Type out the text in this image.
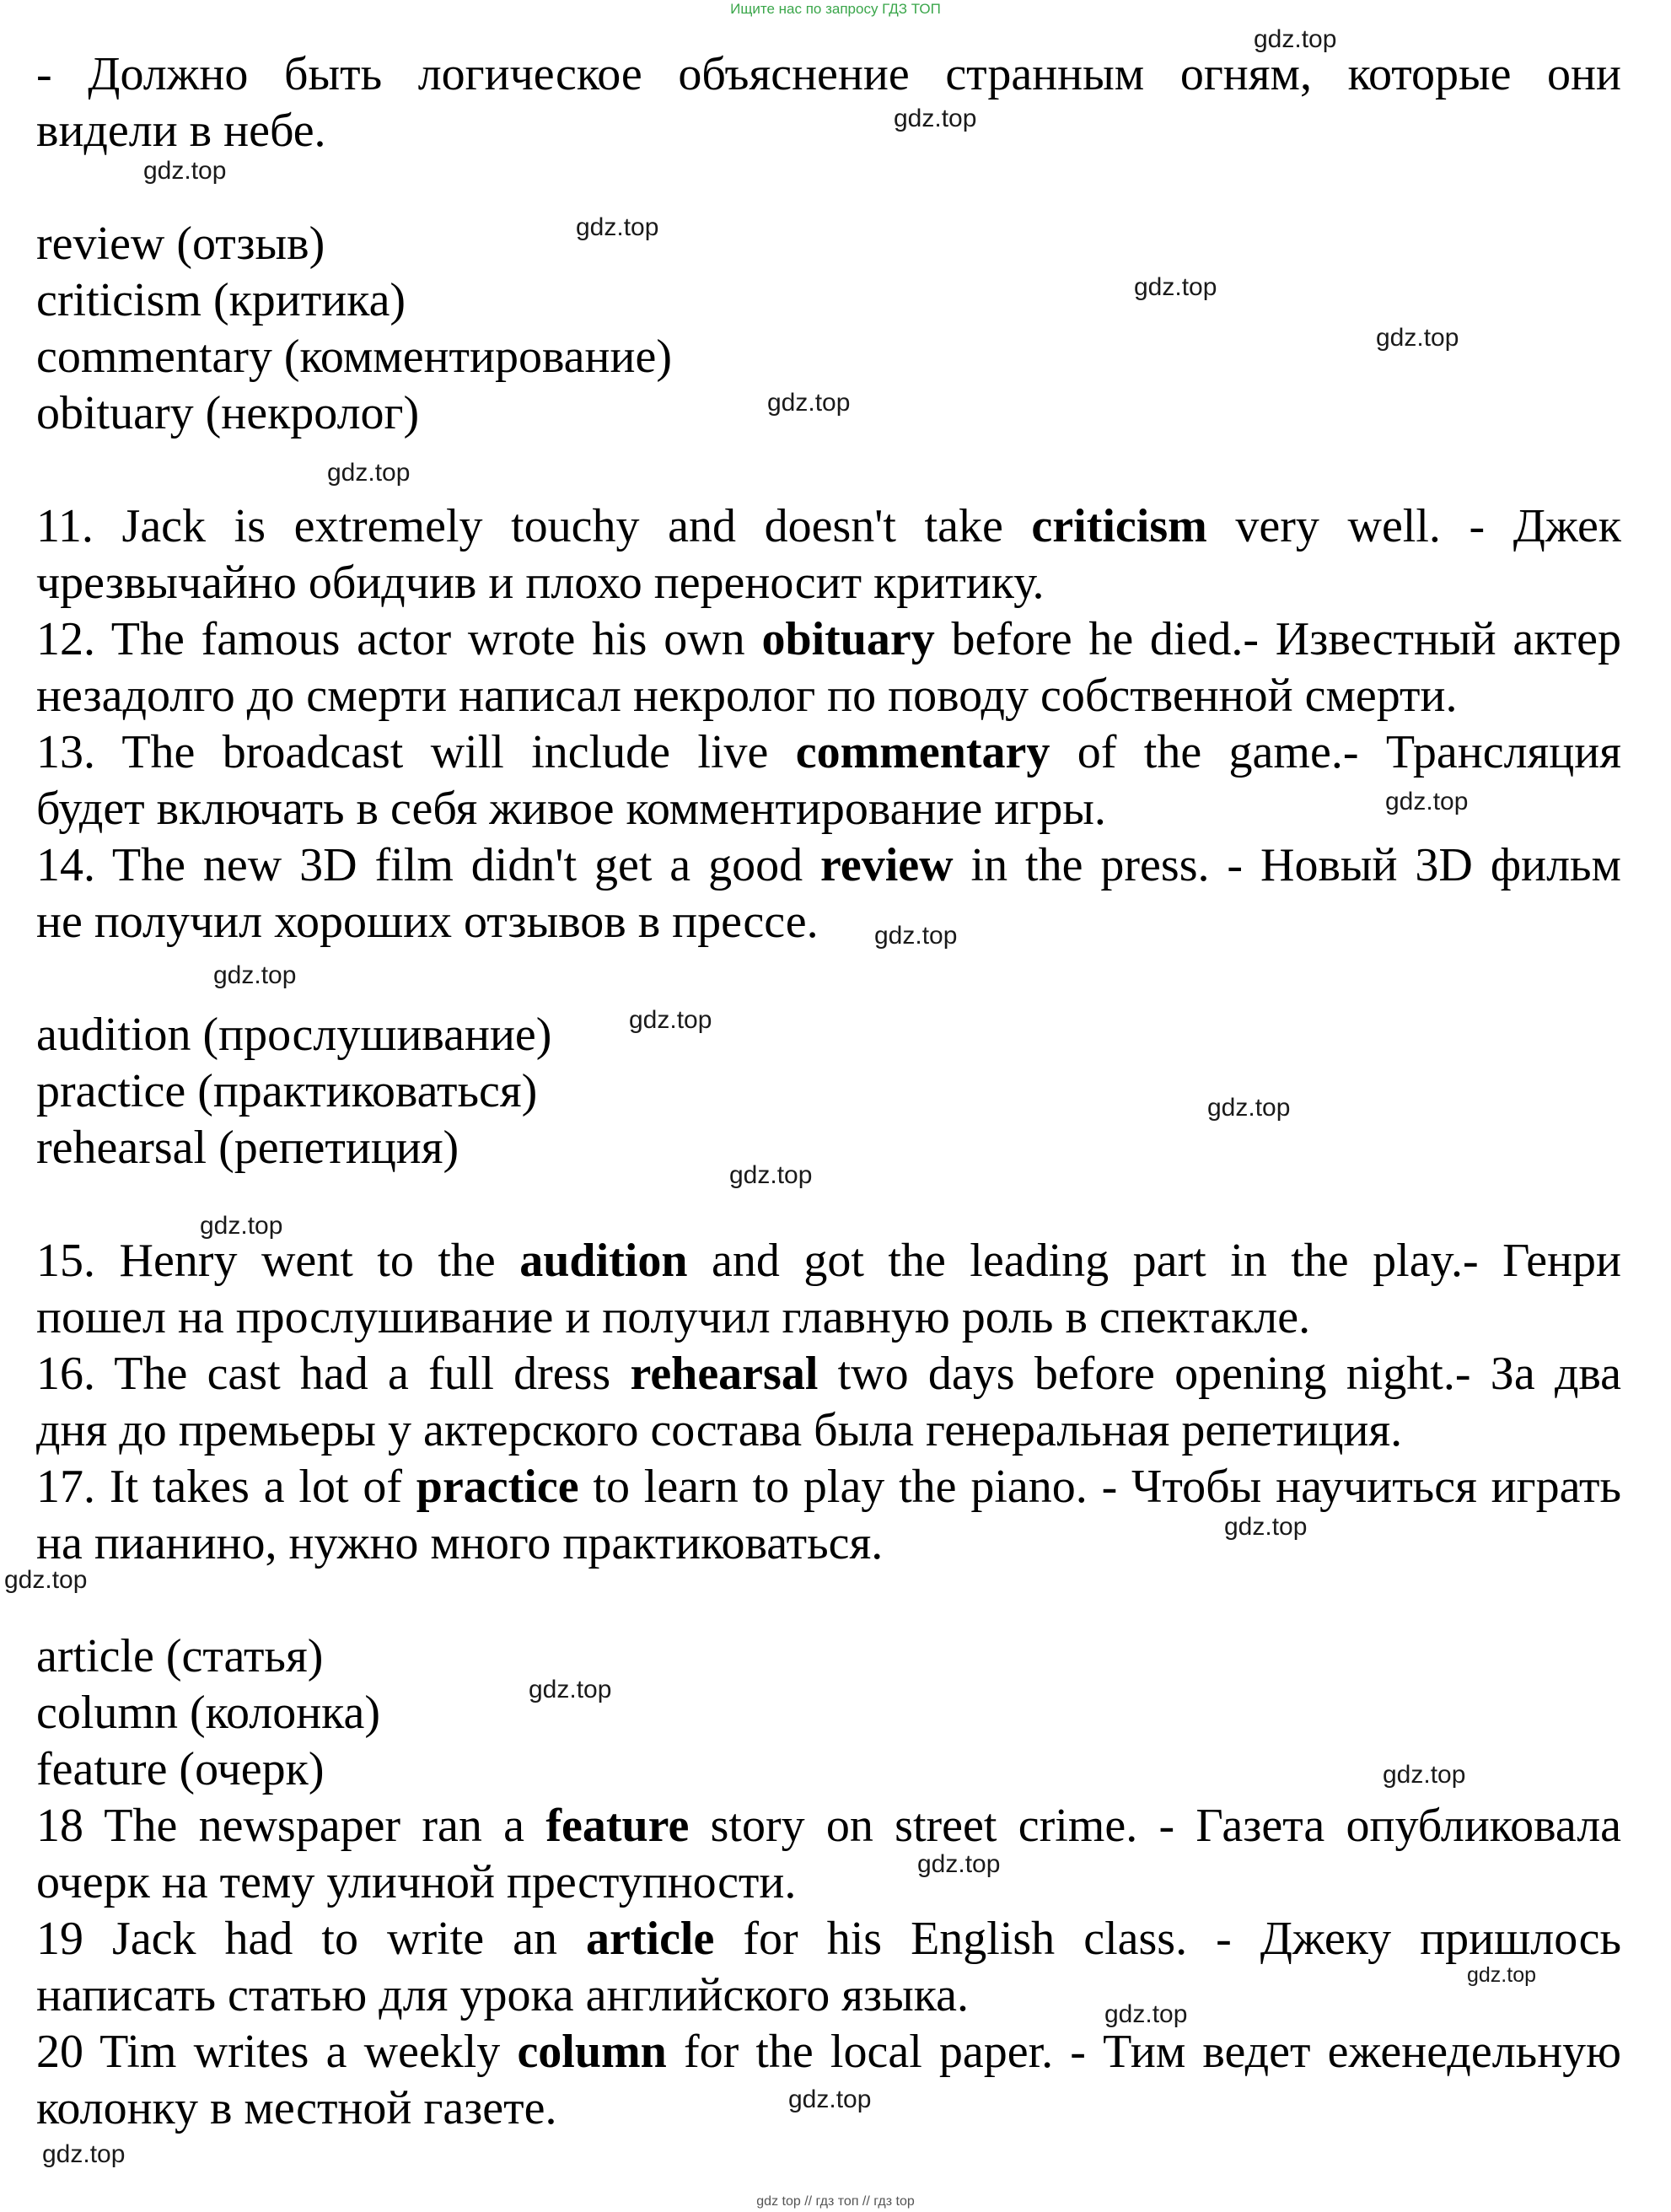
Ищите нас по запросу ГДЗ ТОП
- Должно быть логическое объяснение странным огням, которые они
видели в небе.
review (отзыв)
criticism (критика)
commentary (комментирование)
obituary (некролог)
11. Jack is extremely touchy and doesn't take criticism very well. - Джек
чрезвычайно обидчив и плохо переносит критику.
12. The famous actor wrote his own obituary before he died.- Известный актер
незадолго до смерти написал некролог по поводу собственной смерти.
13. The broadcast will include live commentary of the game.- Трансляция
будет включать в себя живое комментирование игры.
14. The new 3D film didn't get a good review in the press. - Новый 3D фильм
не получил хороших отзывов в прессе.
audition (прослушивание)
practice (практиковаться)
rehearsal (репетиция)
15. Henry went to the audition and got the leading part in the play.- Генри
пошел на прослушивание и получил главную роль в спектакле.
16. The cast had a full dress rehearsal two days before opening night.- За два
дня до премьеры у актерского состава была генеральная репетиция.
17. It takes a lot of practice to learn to play the piano. - Чтобы научиться играть
на пианино, нужно много практиковаться.
article (статья)
column (колонка)
feature (очерк)
18 The newspaper ran a feature story on street crime. - Газета опубликовала
очерк на тему уличной преступности.
19 Jack had to write an article for his English class. - Джеку пришлось
написать статью для урока английского языка.
20 Tim writes a weekly column for the local paper. - Тим ведет еженедельную
колонку в местной газете.
gdz.top
gdz.top
gdz.top
gdz.top
gdz.top
gdz.top
gdz.top
gdz.top
gdz.top
gdz.top
gdz.top
gdz.top
gdz.top
gdz.top
gdz.top
gdz.top
gdz.top
gdz.top
gdz.top
gdz.top
gdz.top
gdz.top
gdz.top
gdz.top
gdz top // гдз топ // гдз top
